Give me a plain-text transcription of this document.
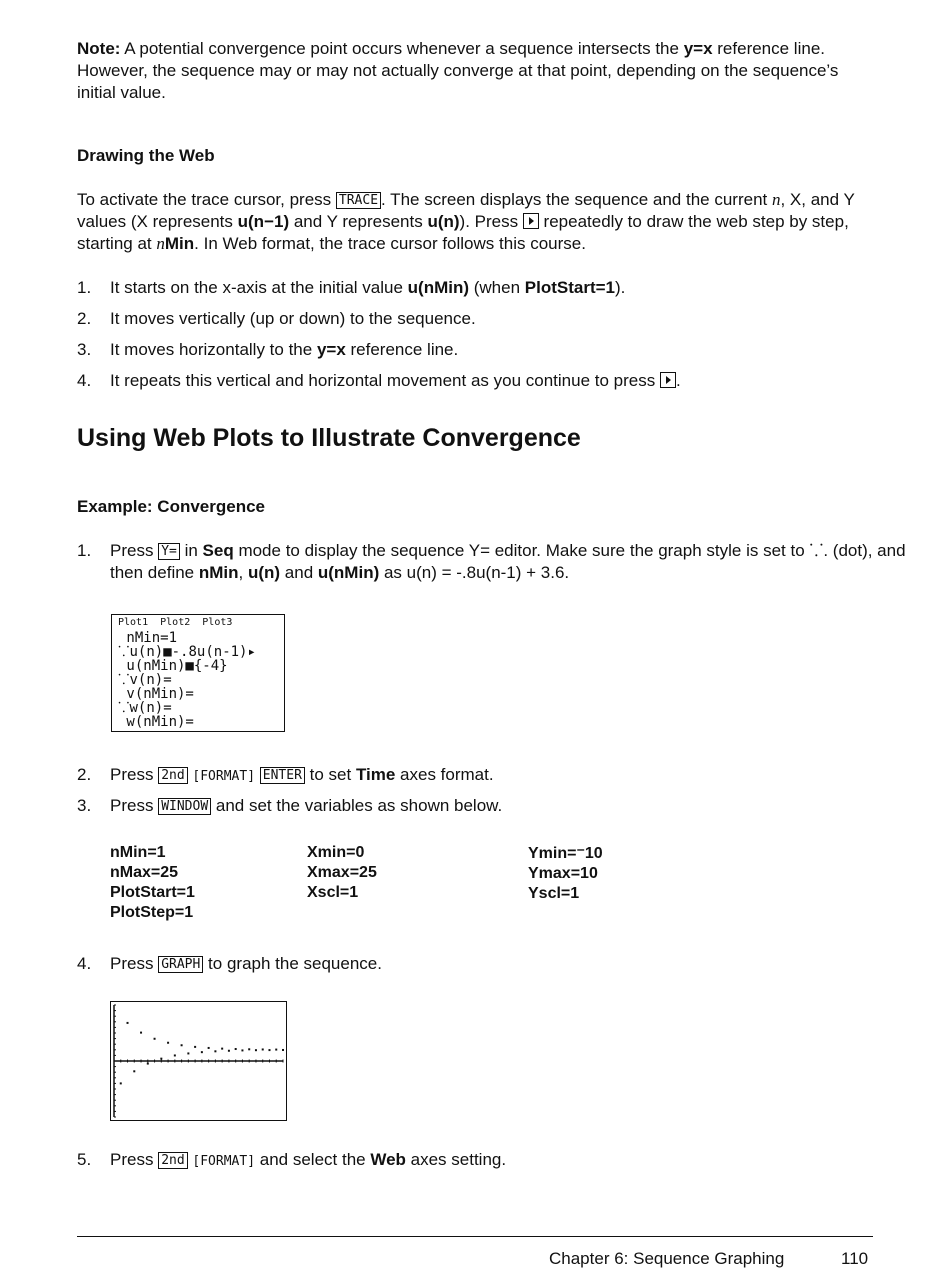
Note: A potential convergence point occurs whenever a sequence intersects the y=x reference line. However, the sequence may or may not actually converge at that point, depending on the sequence’s initial value.

Drawing the Web

To activate the trace cursor, press TRACE . The screen displays the sequence and the current n, X, and Y values (X represents u(n−1) and Y represents u(n)). Press  repeatedly to draw the web step by step, starting at nMin. In Web format, the trace cursor follows this course.

1. It starts on the x-axis at the initial value u(nMin) (when PlotStart=1).
2. It moves vertically (up or down) to the sequence.
3. It moves horizontally to the y=x reference line.
4. It repeats this vertical and horizontal movement as you continue to press .
Using Web Plots to Illustrate Convergence
Example: Convergence
1. Press Y= in Seq mode to display the sequence Y= editor. Make sure the graph style is set to ⸪. (dot), and then define nMin, u(n) and u(nMin) as u(n) = -.8u(n-1) + 3.6.
Plot1  Plot2  Plot3
nMin=1
⸪u(n)■-.8u(n-1)▸
u(nMin)■{-4}
⸪v(n)=
v(nMin)=
⸪w(n)=
w(nMin)=
2. Press 2nd [FORMAT] ENTER to set Time axes format.
3. Press WINDOW and set the variables as shown below.
nMin=1
nMax=25
PlotStart=1
PlotStep=1
Xmin=0
Xmax=25
Xscl=1
Ymin=⁻10
Ymax=10
Yscl=1
4. Press GRAPH to graph the sequence.
5. Press 2nd [FORMAT] and select the Web axes setting.
Chapter 6: Sequence Graphing	110
